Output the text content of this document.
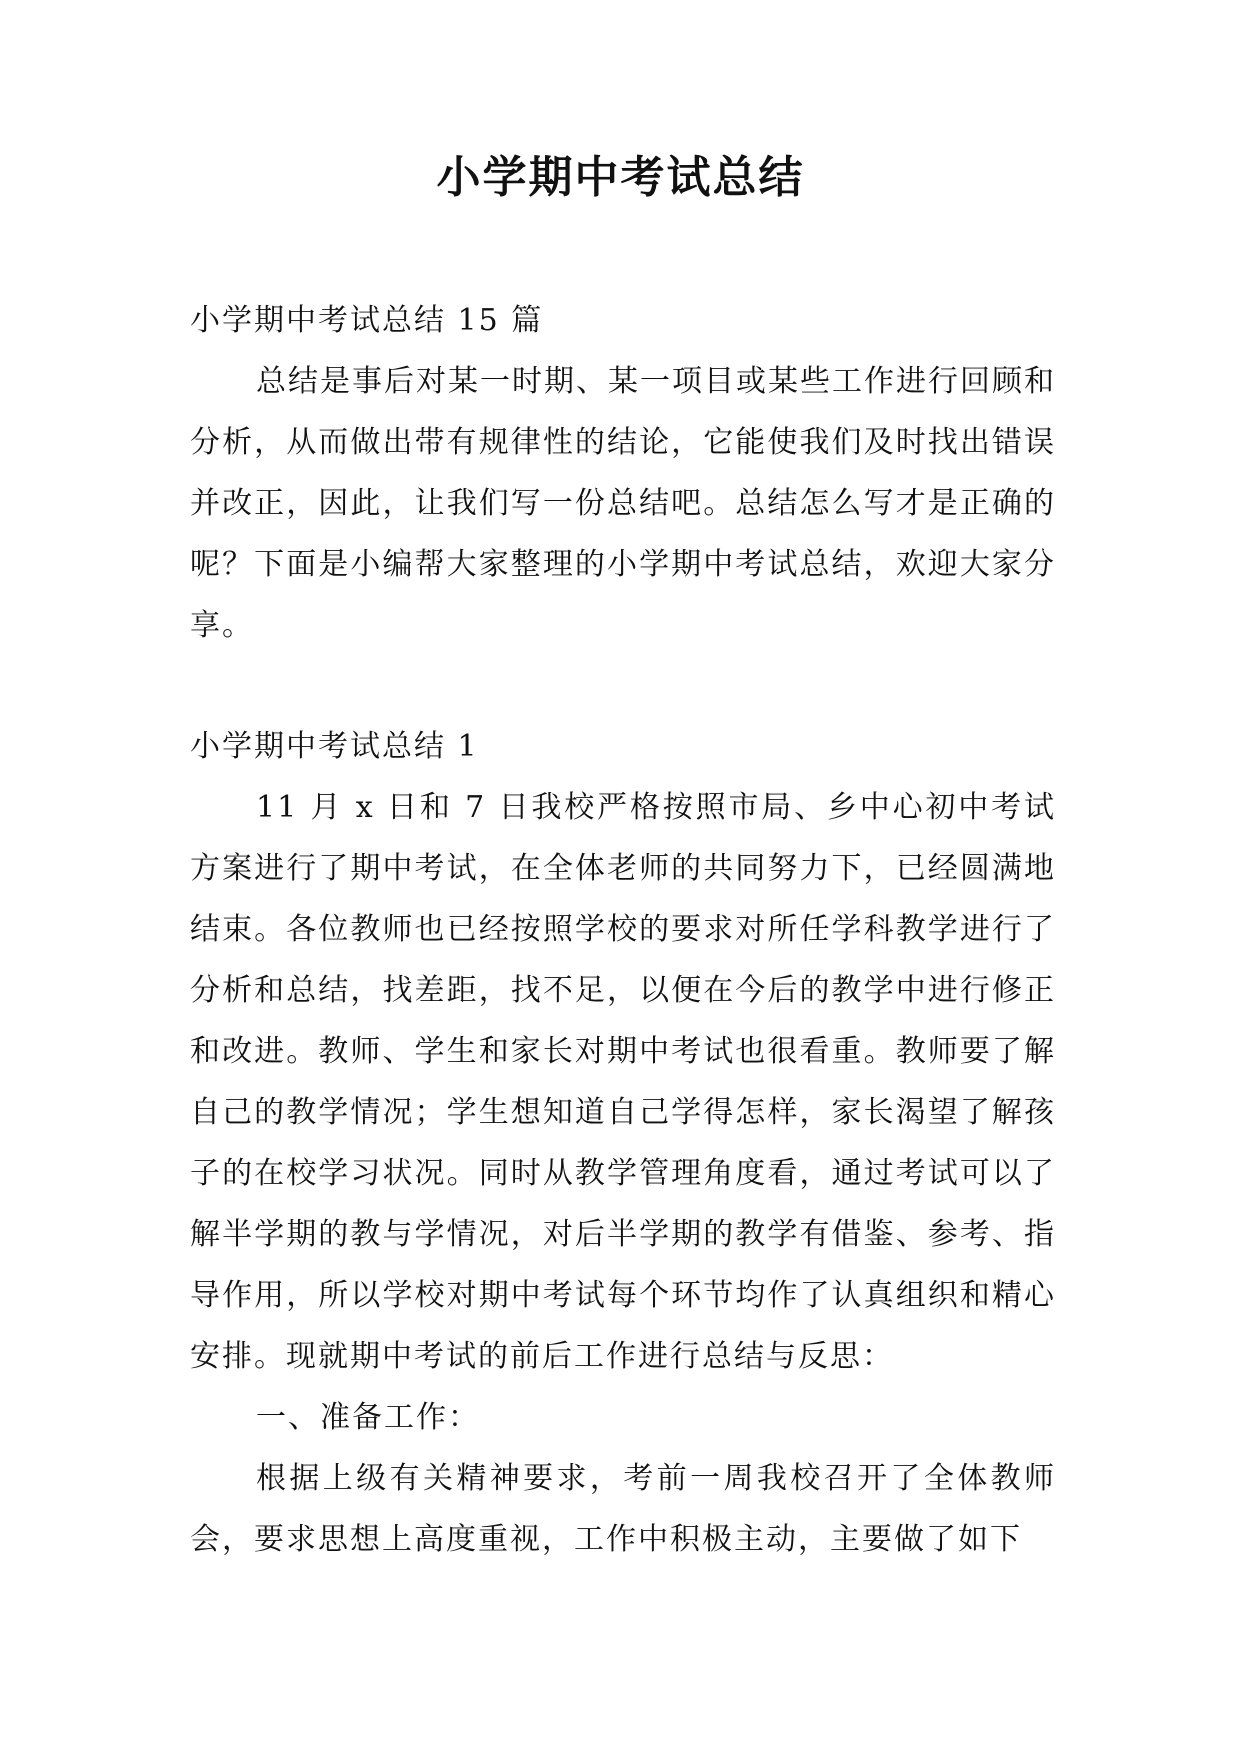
小学期中考试总结

小学期中考试总结 15 篇

总结是事后对某一时期、某一项目或某些工作进行回顾和分析，从而做出带有规律性的结论，它能使我们及时找出错误并改正，因此，让我们写一份总结吧。总结怎么写才是正确的呢？下面是小编帮大家整理的小学期中考试总结，欢迎大家分享。

小学期中考试总结 1

11 月 x 日和 7 日我校严格按照市局、乡中心初中考试方案进行了期中考试，在全体老师的共同努力下，已经圆满地结束。各位教师也已经按照学校的要求对所任学科教学进行了分析和总结，找差距，找不足，以便在今后的教学中进行修正和改进。教师、学生和家长对期中考试也很看重。教师要了解自己的教学情况；学生想知道自己学得怎样，家长渴望了解孩子的在校学习状况。同时从教学管理角度看，通过考试可以了解半学期的教与学情况，对后半学期的教学有借鉴、参考、指导作用，所以学校对期中考试每个环节均作了认真组织和精心安排。现就期中考试的前后工作进行总结与反思：

一、准备工作：

根据上级有关精神要求，考前一周我校召开了全体教师会，要求思想上高度重视，工作中积极主动，主要做了如下
